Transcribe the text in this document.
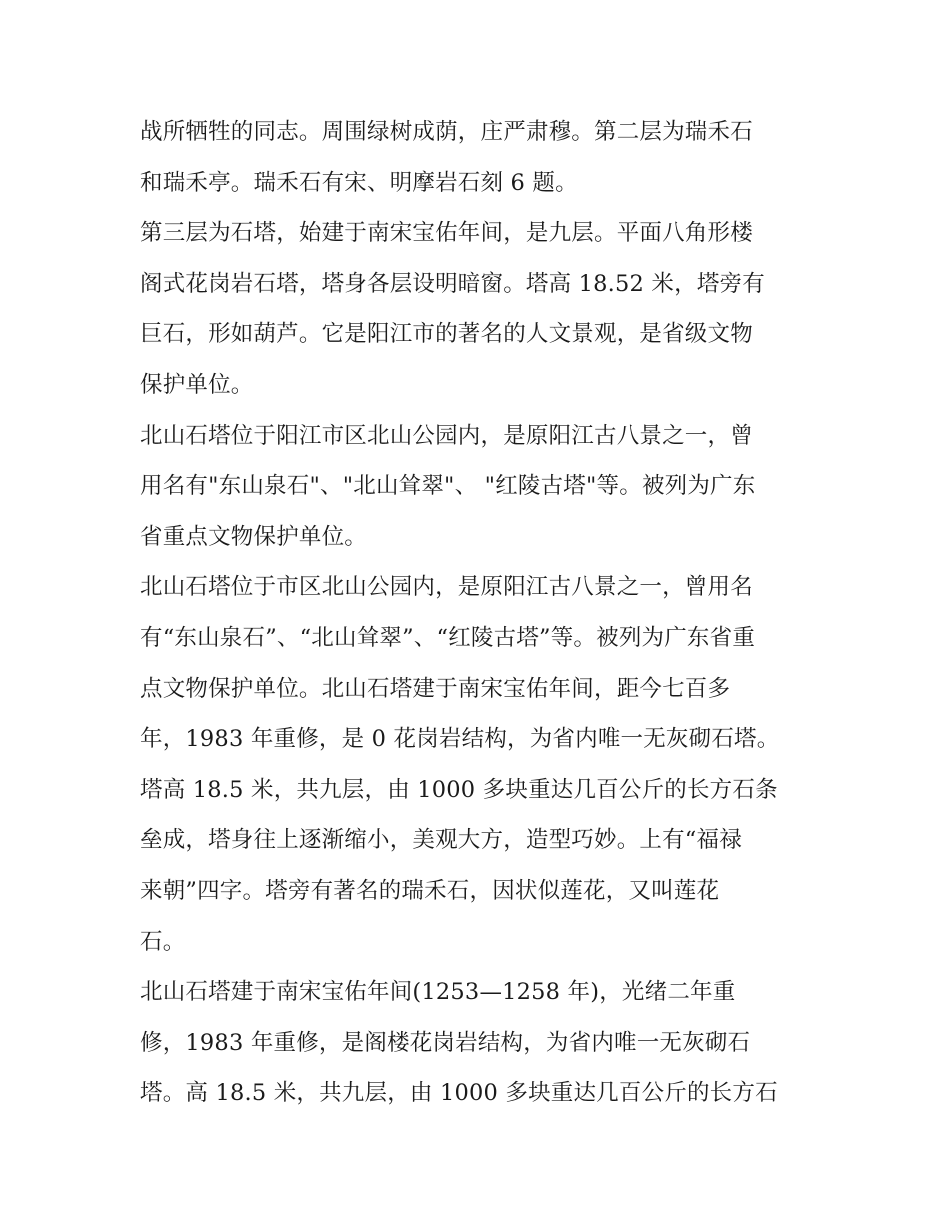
战所牺牲的同志。周围绿树成荫，庄严肃穆。第二层为瑞禾石
和瑞禾亭。瑞禾石有宋、明摩岩石刻 6 题。
第三层为石塔，始建于南宋宝佑年间，是九层。平面八角形楼
阁式花岗岩石塔，塔身各层设明暗窗。塔高 18.52 米，塔旁有
巨石，形如葫芦。它是阳江市的著名的人文景观，是省级文物
保护单位。
北山石塔位于阳江市区北山公园内，是原阳江古八景之一，曾
用名有"东山泉石"、"北山耸翠"、 "红陵古塔"等。被列为广东
省重点文物保护单位。
北山石塔位于市区北山公园内，是原阳江古八景之一，曾用名
有“东山泉石”、“北山耸翠”、“红陵古塔”等。被列为广东省重
点文物保护单位。北山石塔建于南宋宝佑年间，距今七百多
年，1983 年重修，是 0 花岗岩结构，为省内唯一无灰砌石塔。
塔高 18.5 米，共九层，由 1000 多块重达几百公斤的长方石条
垒成，塔身往上逐渐缩小，美观大方，造型巧妙。上有“福禄
来朝”四字。塔旁有著名的瑞禾石，因状似莲花，又叫莲花
石。
北山石塔建于南宋宝佑年间(1253—1258 年)，光绪二年重
修，1983 年重修，是阁楼花岗岩结构，为省内唯一无灰砌石
塔。高 18.5 米，共九层，由 1000 多块重达几百公斤的长方石
